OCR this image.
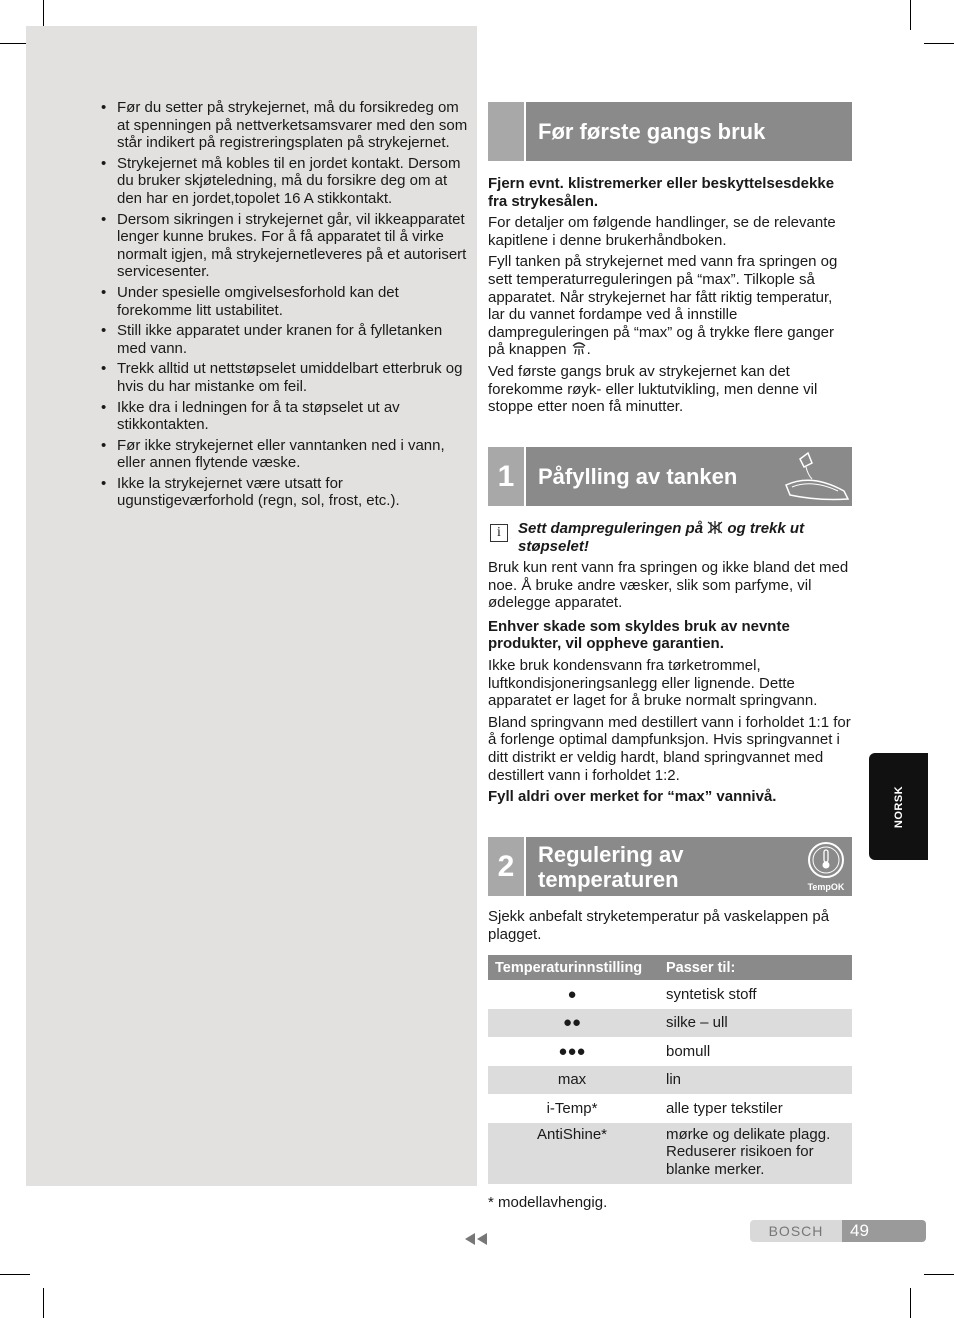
• Før du setter på strykejernet, må du forsikredeg om at spenningen på nettverketsamsvarer med den som står indikert på registreringsplaten på strykejernet.
• Strykejernet må kobles til en jordet kontakt. Dersom du bruker skjøteledning, må du forsikre deg om at den har en jordet,topolet 16 A stikkontakt.
• Dersom sikringen i strykejernet går, vil ikkeapparatet lenger kunne brukes. For å få apparatet til å virke normalt igjen, må strykejernetleveres på et autorisert servicesenter.
• Under spesielle omgivelsesforhold kan det forekomme litt ustabilitet.
• Still ikke apparatet under kranen for å fylletanken med vann.
• Trekk alltid ut nettstøpselet umiddelbart etterbruk og hvis du har mistanke om feil.
• Ikke dra i ledningen for å ta støpselet ut av stikkontakten.
• Før ikke strykejernet eller vanntanken ned i vann, eller annen flytende væske.
• Ikke la strykejernet være utsatt for ugunstigeværforhold (regn, sol, frost, etc.).
Før første gangs bruk

Fjern evnt. klistremerker eller beskyttelsesdekke fra strykesålen.

For detaljer om følgende handlinger, se de relevante kapitlene i denne brukerhåndboken.

Fyll tanken på strykejernet med vann fra springen og sett temperaturreguleringen på “max”. Tilkople så apparatet. Når strykejernet har fått riktig temperatur, lar du vannet fordampe ved å innstille dampreguleringen på “max” og å trykke flere ganger på knappen .

Ved første gangs bruk av strykejernet kan det forekomme røyk- eller luktutvikling, men denne vil stoppe etter noen få minutter.

1	Påfylling av tanken
i	Sett dampreguleringen på og trekk ut støpselet!

Bruk kun rent vann fra springen og ikke bland det med noe. Å bruke andre væsker, slik som parfyme, vil ødelegge apparatet.

Enhver skade som skyldes bruk av nevnte produkter, vil oppheve garantien.

Ikke bruk kondensvann fra tørketrommel, luftkondisjoneringsanlegg eller lignende. Dette apparatet er laget for å bruke normalt springvann.

Bland springvann med destillert vann i forholdet 1:1 for å forlenge optimal dampfunksjon. Hvis springvannet i ditt distrikt er veldig hardt, bland springvannet med destillert vann i forholdet 1:2.

Fyll aldri over merket for “max” vannivå.

2	Regulering av
temperaturen	TempOK
Sjekk anbefalt stryketemperatur på vaskelappen på plagget.
Temperaturinnstilling	Passer til:
●	syntetisk stoff
●●	silke – ull
●●●	bomull
max	lin
i-Temp*	alle typer tekstiler
AntiShine*	mørke og delikate plagg. Reduserer risikoen for blanke merker.
* modellavhengig.
NORSK
BOSCH	49
